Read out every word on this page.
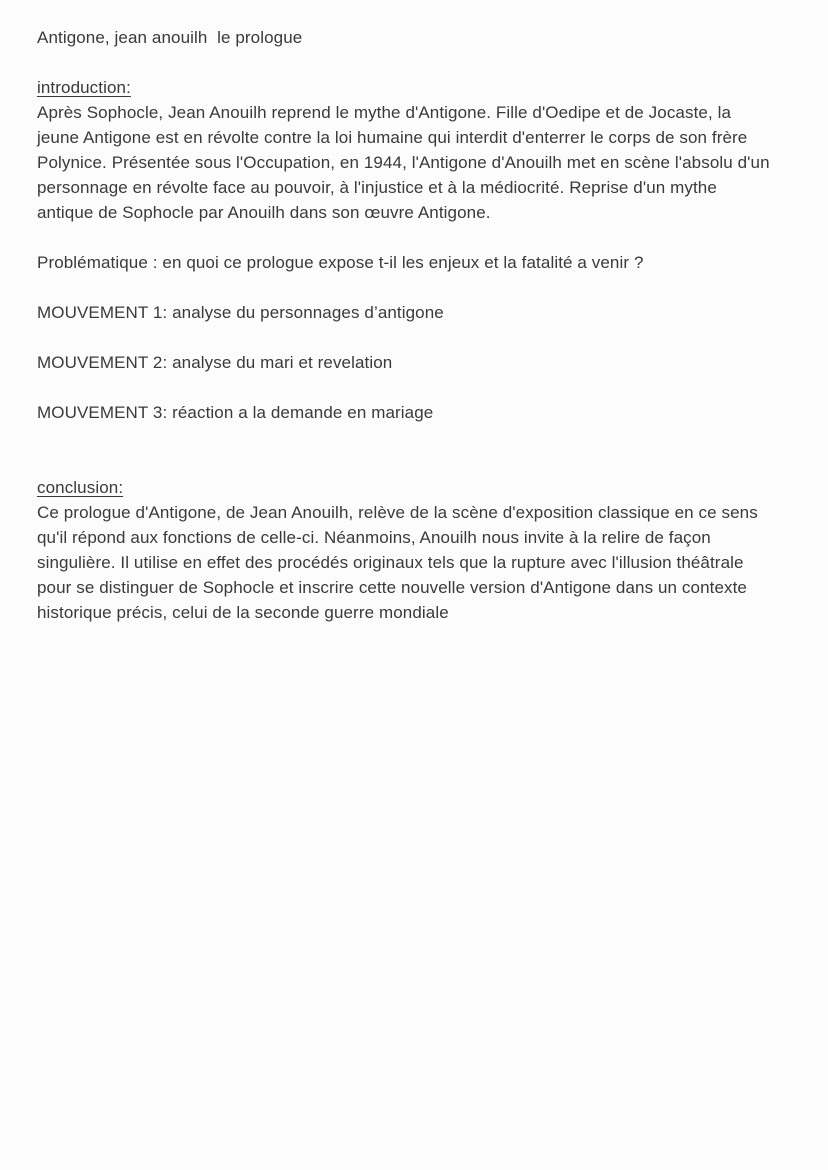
Antigone, jean anouilh  le prologue

introduction:

Après Sophocle, Jean Anouilh reprend le mythe d'Antigone. Fille d'Oedipe et de Jocaste, la jeune Antigone est en révolte contre la loi humaine qui interdit d'enterrer le corps de son frère Polynice. Présentée sous l'Occupation, en 1944, l'Antigone d'Anouilh met en scène l'absolu d'un personnage en révolte face au pouvoir, à l'injustice et à la médiocrité. Reprise d'un mythe antique de Sophocle par Anouilh dans son œuvre Antigone.

Problématique : en quoi ce prologue expose t-il les enjeux et la fatalité a venir ?

MOUVEMENT 1: analyse du personnages d’antigone

MOUVEMENT 2: analyse du mari et revelation

MOUVEMENT 3: réaction a la demande en mariage

conclusion:

Ce prologue d'Antigone, de Jean Anouilh, relève de la scène d'exposition classique en ce sens qu'il répond aux fonctions de celle-ci. Néanmoins, Anouilh nous invite à la relire de façon singulière. Il utilise en effet des procédés originaux tels que la rupture avec l'illusion théâtrale pour se distinguer de Sophocle et inscrire cette nouvelle version d'Antigone dans un contexte historique précis, celui de la seconde guerre mondiale
